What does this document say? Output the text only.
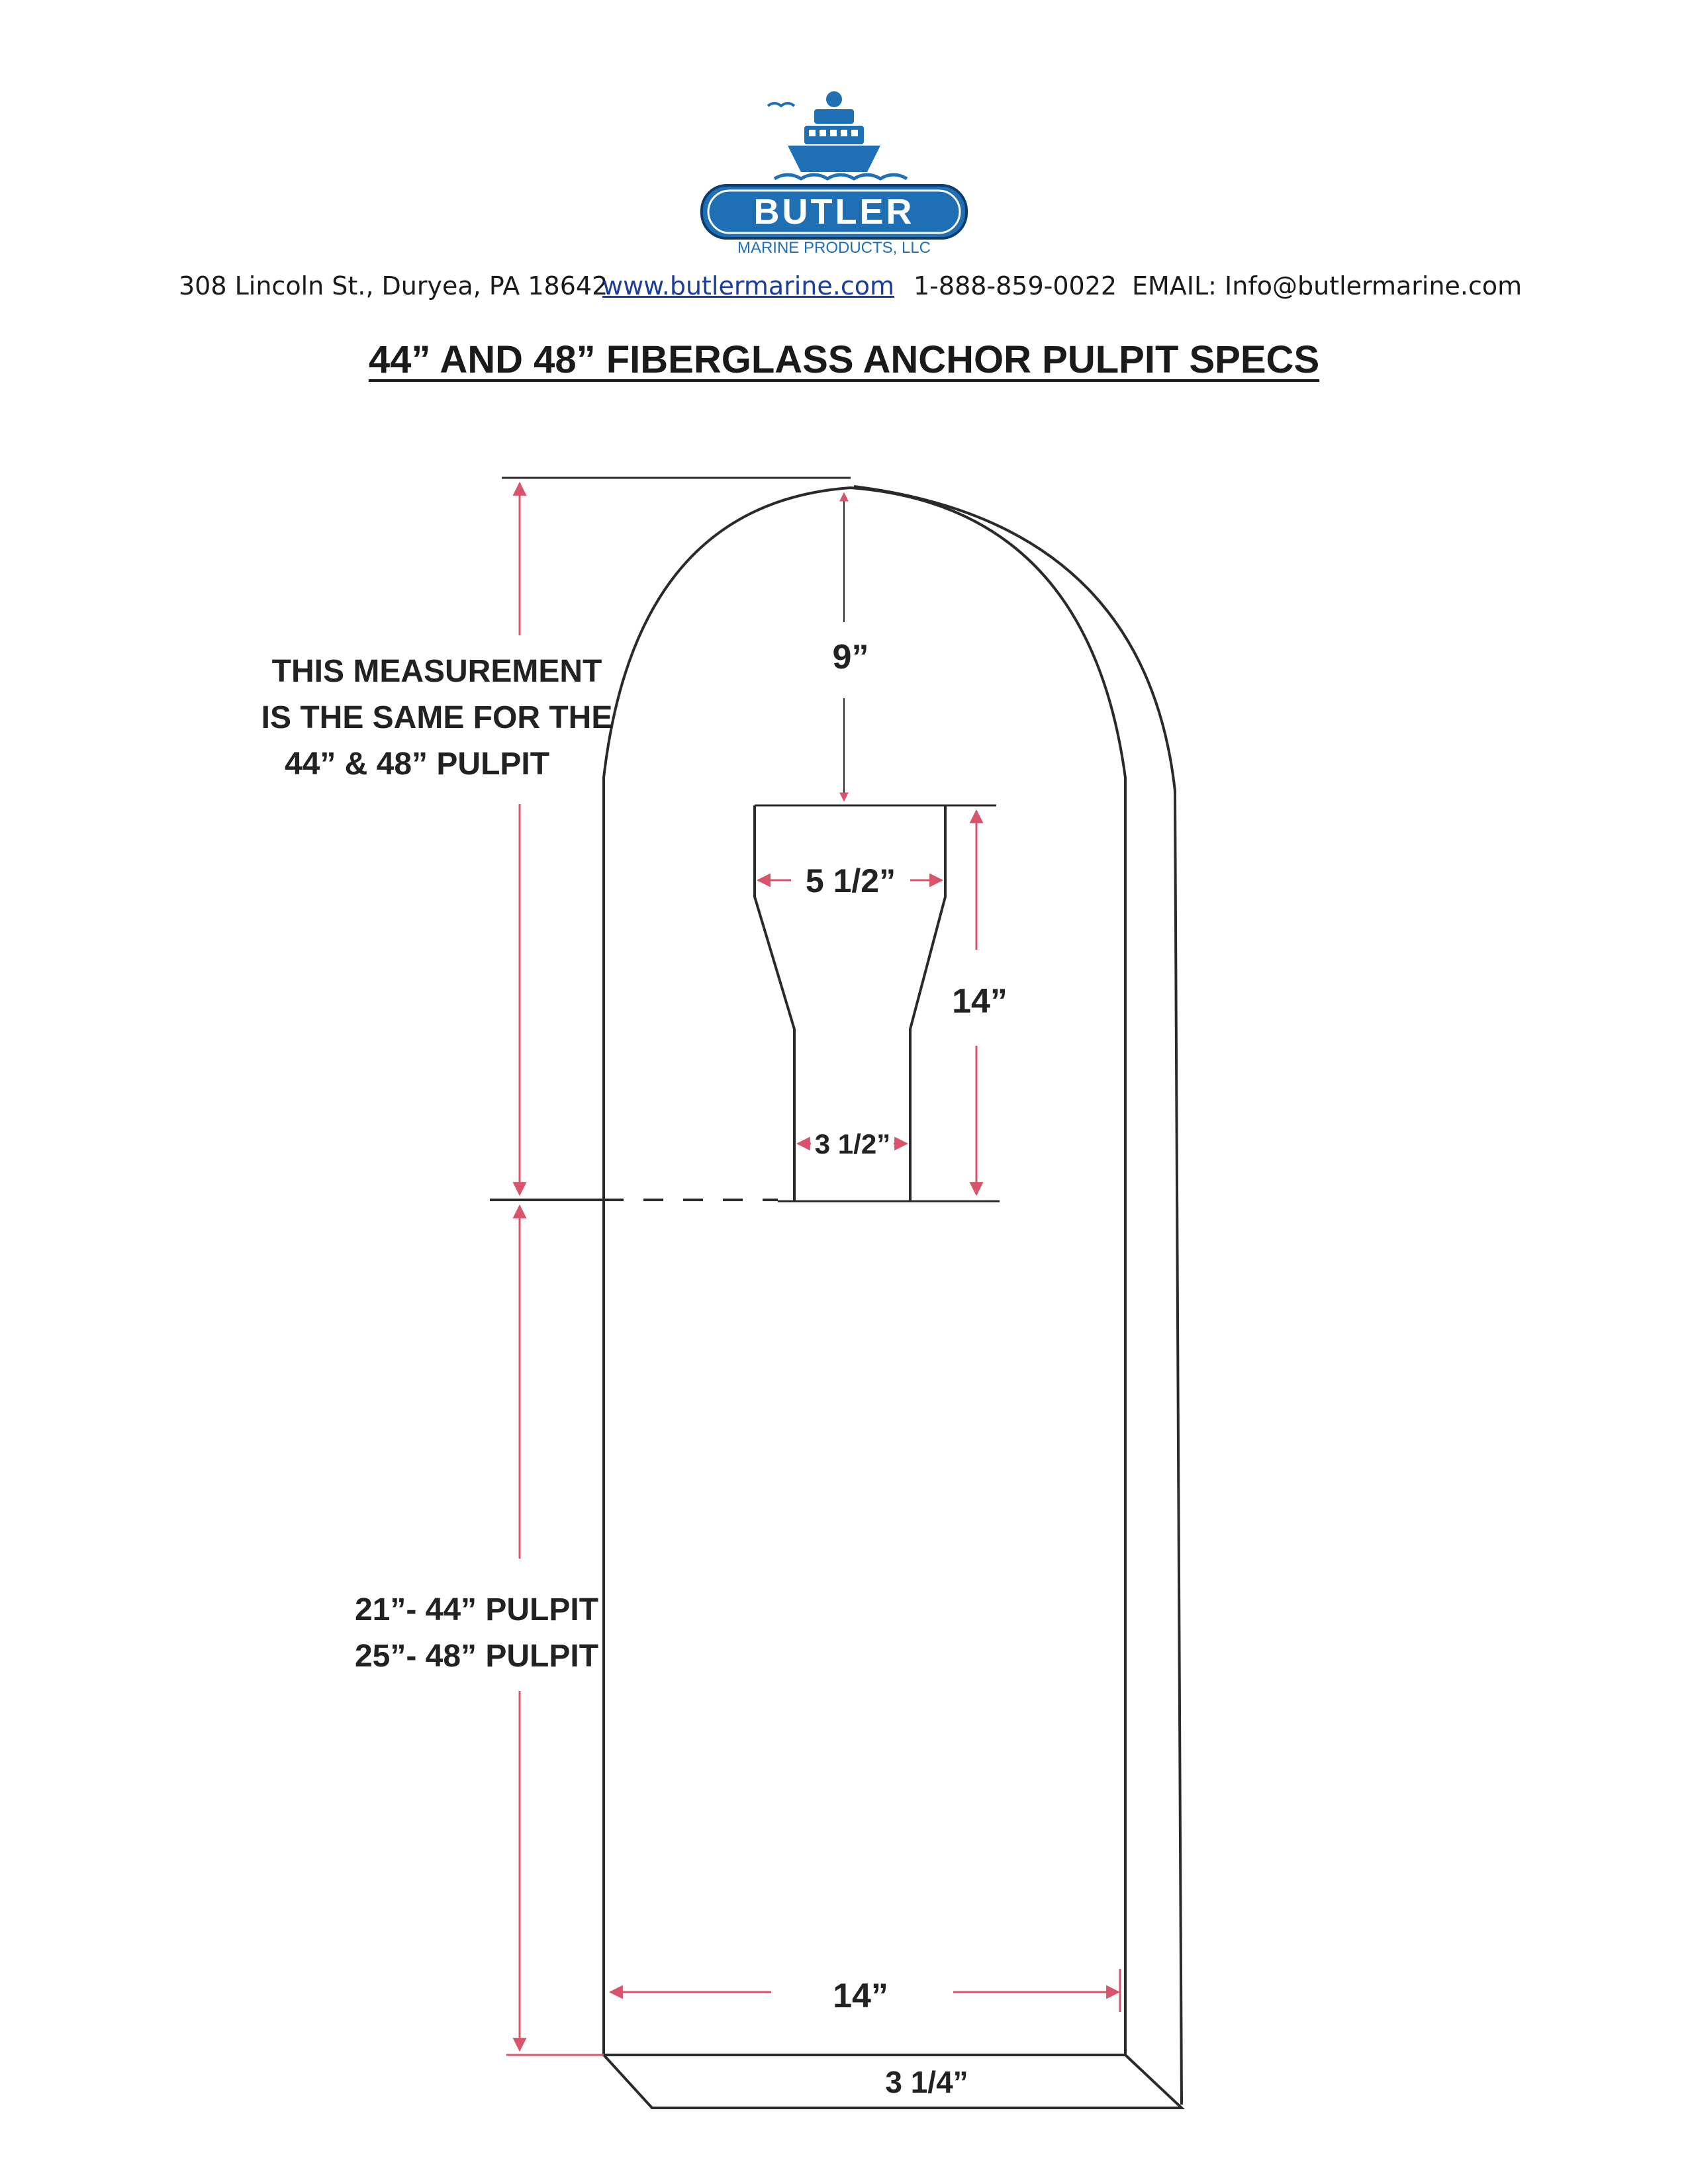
BUTLER
MARINE PRODUCTS, LLC
308 Lincoln St., Duryea, PA 18642
www.butlermarine.com 1-888-859-0022 EMAIL: Info@butlermarine.com
44” AND 48” FIBERGLASS ANCHOR PULPIT SPECS
9”
5 1/2”
14”
3 1/2”
14”
3 1/4”
THIS MEASUREMENT
IS THE SAME FOR THE
44” & 48” PULPIT
21”- 44” PULPIT
25”- 48” PULPIT
